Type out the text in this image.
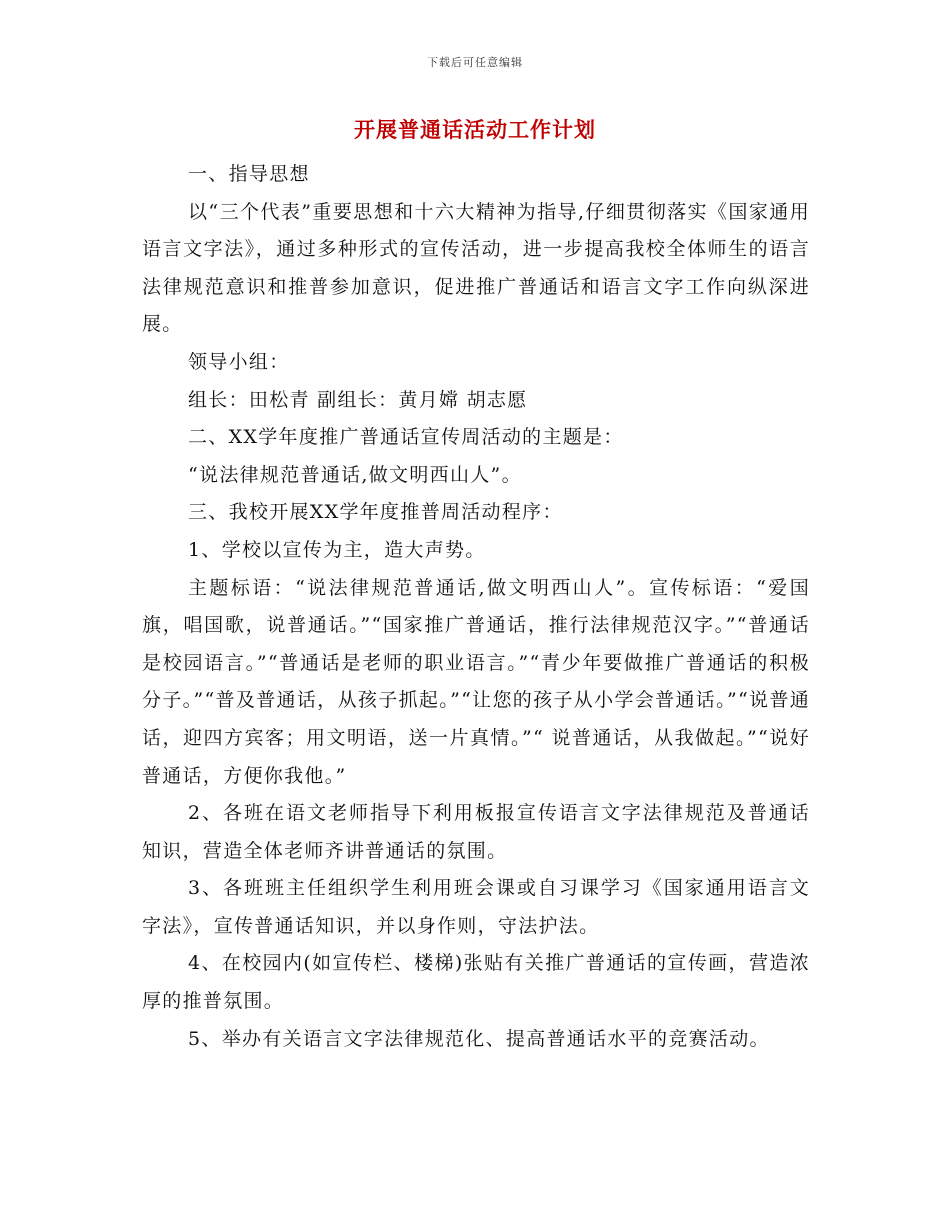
下载后可任意编辑
开展普通话活动工作计划

一、指导思想

以“三个代表”重要思想和十六大精神为指导,仔细贯彻落实《国家通用语言文字法》，通过多种形式的宣传活动，进一步提高我校全体师生的语言法律规范意识和推普参加意识，促进推广普通话和语言文字工作向纵深进展。

领导小组：

组长：田松青 副组长：黄月嫦 胡志愿

二、XX学年度推广普通话宣传周活动的主题是：

“说法律规范普通话,做文明西山人”。

三、我校开展XX学年度推普周活动程序：

1、学校以宣传为主，造大声势。

主题标语：“说法律规范普通话,做文明西山人”。宣传标语：“爱国旗，唱国歌，说普通话。”“国家推广普通话，推行法律规范汉字。”“普通话是校园语言。”“普通话是老师的职业语言。”“青少年要做推广普通话的积极分子。”“普及普通话，从孩子抓起。”“让您的孩子从小学会普通话。”“说普通话，迎四方宾客；用文明语，送一片真情。”“ 说普通话，从我做起。”“说好普通话，方便你我他。”

2、各班在语文老师指导下利用板报宣传语言文字法律规范及普通话知识，营造全体老师齐讲普通话的氛围。

3、各班班主任组织学生利用班会课或自习课学习《国家通用语言文字法》，宣传普通话知识，并以身作则，守法护法。

4、在校园内(如宣传栏、楼梯)张贴有关推广普通话的宣传画，营造浓厚的推普氛围。

5、举办有关语言文字法律规范化、提高普通话水平的竞赛活动。
